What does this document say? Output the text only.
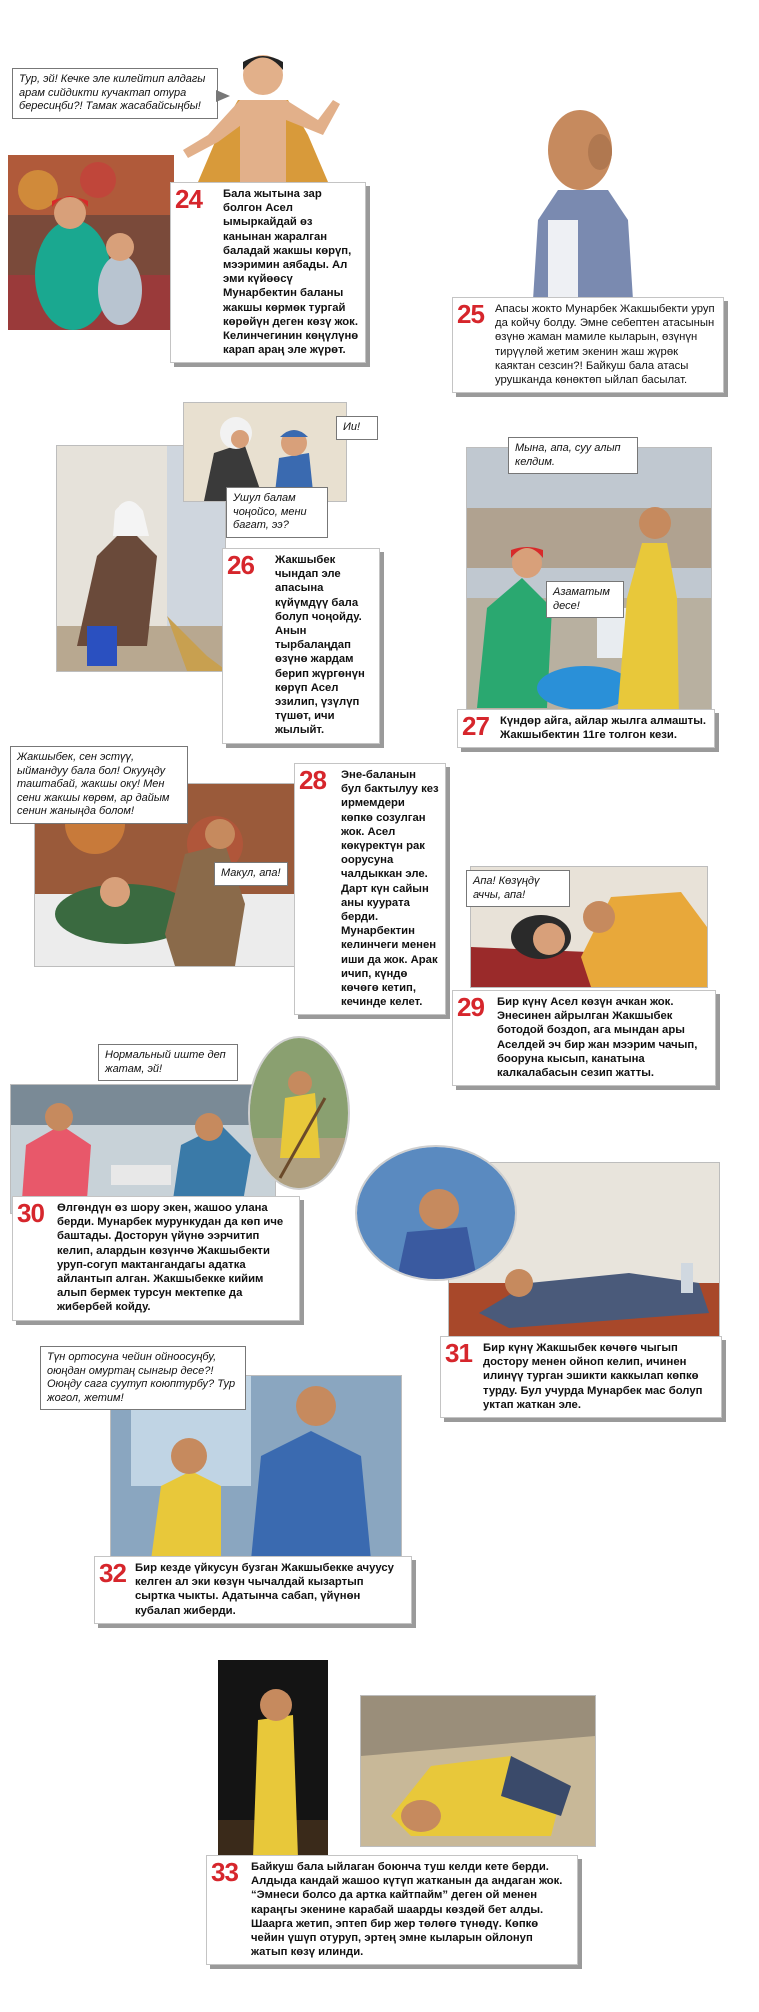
Тур, эй! Кечке эле килейтип алдагы арам сийдикти кучактап отура бересиңби?! Тамак жасабайсыңбы!
24 Бала жытына зар болгон Асел ымыркайдай өз канынан жаралган баладай жакшы көрүп, мээримин аябады. Ал эми күйөөсү Мунарбектин баланы жакшы көрмөк тургай көрөйүн деген көзү жок. Келинчегинин көңүлүнө карап араң эле жүрөт.
25 Апасы жокто Мунарбек Жакшыбекти уруп да койчу болду. Эмне себептен атасынын өзүнө жаман мамиле кыларын, өзүнүн тирүүлөй жетим экенин жаш жүрөк каяктан сезсин?! Байкуш бала атасы урушканда көнөктөп ыйлап басылат.
Ии!
Ушул балам чоңойсо, мени багат, ээ?
26 Жакшыбек чындап эле апасына күйүмдүү бала болуп чоңойду. Анын тырбалаңдап өзүнө жардам берип жүргөнүн көрүп Асел эзилип, үзүлүп түшөт, ичи жылыйт.
Мына, апа, суу алып келдим.
Азаматым десе!
27 Күндөр айга, айлар жылга алмашты. Жакшыбектин 11ге толгон кези.
Жакшыбек, сен эстүү, ыймандуу бала бол! Окууңду таштабай, жакшы оку! Мен сени жакшы көрөм, ар дайым сенин жаныңда болом!
Макул, апа!
28 Эне-баланын бул бактылуу кез ирмемдери көпкө созулган жок. Асел көкүректүн рак оорусуна чалдыккан эле. Дарт күн сайын аны куурата берди. Мунарбектин келинчеги менен иши да жок. Арак ичип, күндө көчөгө кетип, кечинде келет.
Апа! Көзүңдү аччы, апа!
29 Бир күнү Асел көзүн ачкан жок. Энесинен айрылган Жакшыбек ботодой боздоп, ага мындан ары Аселдей эч бир жан мээрим чачып, бооруна кысып, канатына калкалабасын сезип жатты.
Нормальный иште деп жатам, эй!
30 Өлгөндүн өз шору экен, жашоо улана берди. Мунарбек мурункудан да көп иче баштады. Досторун үйүнө ээрчитип келип, алардын көзүнчө Жакшыбекти уруп-согуп мактангандагы адатка айлантып алган. Жакшыбекке кийим алып бермек турсун мектепке да жибербей койду.
31 Бир күнү Жакшыбек көчөгө чыгып достору менен ойноп келип, ичинен илинүү турган эшикти каккылап көпкө турду. Бул учурда Мунарбек мас болуп уктап жаткан эле.
Түн ортосуна чейин ойноосуңбу, оюңдан омуртаң сынгыр десе?! Оюңду сага суутуп коюптурбу? Тур жогол, жетим!
32 Бир кезде үйкусун бузган Жакшыбекке ачуусу келген ал эки көзүн чычалдай кызартып сыртка чыкты. Адатынча сабап, үйүнөн кубалап жиберди.
33 Байкуш бала ыйлаган боюнча туш келди кете берди. Алдыда кандай жашоо күтүп жатканын да андаган жок. “Эмнеси болсо да артка кайтпайм” деген ой менен караңгы экенине карабай шаарды көздөй бет алды. Шаарга жетип, эптеп бир жер төлөгө түнөдү. Көпкө чейин үшүп отуруп, эртең эмне кыларын ойлонуп жатып көзү илинди.
